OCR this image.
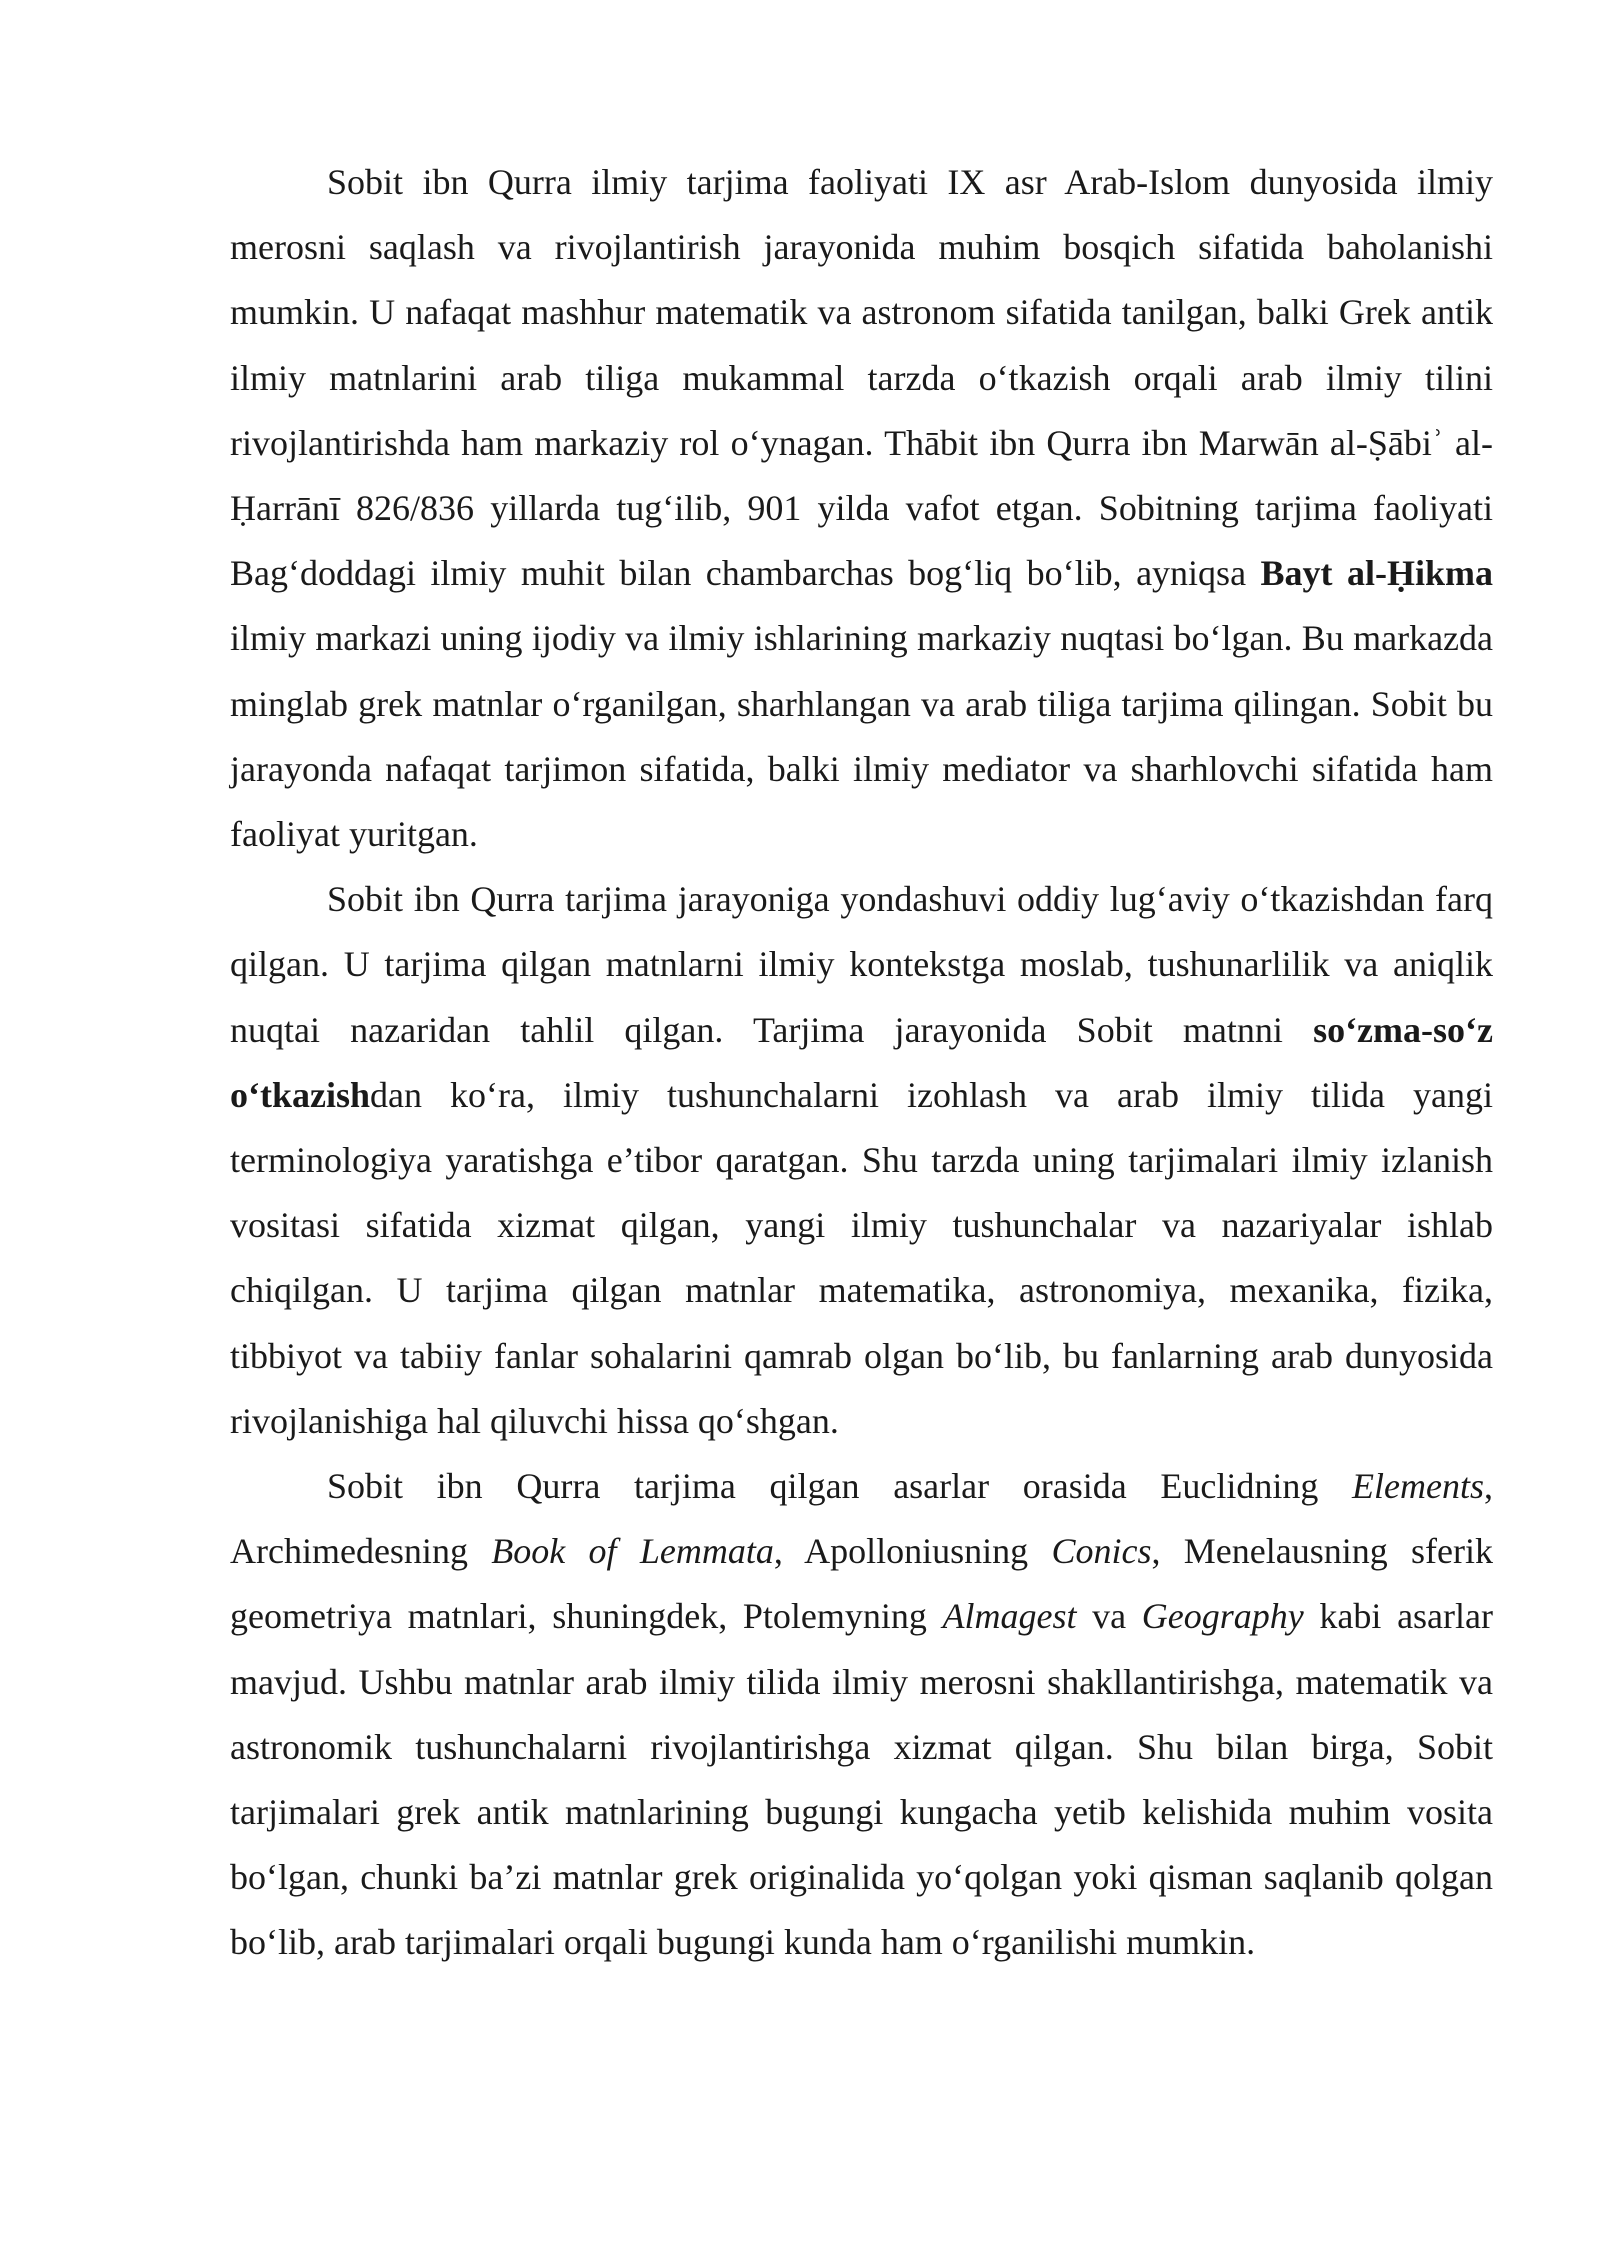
Sobit ibn Qurra ilmiy tarjima faoliyati IX asr Arab-Islom dunyosida ilmiy merosni saqlash va rivojlantirish jarayonida muhim bosqich sifatida baholanishi mumkin. U nafaqat mashhur matematik va astronom sifatida tanilgan, balki Grek antik ilmiy matnlarini arab tiliga mukammal tarzda o‘tkazish orqali arab ilmiy tilini rivojlantirishda ham markaziy rol o‘ynagan. Thābit ibn Qurra ibn Marwān al-Ṣābiʾ al-Ḥarrānī 826/836 yillarda tug‘ilib, 901 yilda vafot etgan. Sobitning tarjima faoliyati Bag‘doddagi ilmiy muhit bilan chambarchas bog‘liq bo‘lib, ayniqsa Bayt al-Ḥikma ilmiy markazi uning ijodiy va ilmiy ishlarining markaziy nuqtasi bo‘lgan. Bu markazda minglab grek matnlar o‘rganilgan, sharhlangan va arab tiliga tarjima qilingan. Sobit bu jarayonda nafaqat tarjimon sifatida, balki ilmiy mediator va sharhlovchi sifatida ham faoliyat yuritgan.

Sobit ibn Qurra tarjima jarayoniga yondashuvi oddiy lug‘aviy o‘tkazishdan farq qilgan. U tarjima qilgan matnlarni ilmiy kontekstga moslab, tushunarlilik va aniqlik nuqtai nazaridan tahlil qilgan. Tarjima jarayonida Sobit matnni so‘zma-so‘z o‘tkazishdan ko‘ra, ilmiy tushunchalarni izohlash va arab ilmiy tilida yangi terminologiya yaratishga e’tibor qaratgan. Shu tarzda uning tarjimalari ilmiy izlanish vositasi sifatida xizmat qilgan, yangi ilmiy tushunchalar va nazariyalar ishlab chiqilgan. U tarjima qilgan matnlar matematika, astronomiya, mexanika, fizika, tibbiyot va tabiiy fanlar sohalarini qamrab olgan bo‘lib, bu fanlarning arab dunyosida rivojlanishiga hal qiluvchi hissa qo‘shgan.

Sobit ibn Qurra tarjima qilgan asarlar orasida Euclidning Elements, Archimedesning Book of Lemmata, Apolloniusning Conics, Menelausning sferik geometriya matnlari, shuningdek, Ptolemyning Almagest va Geography kabi asarlar mavjud. Ushbu matnlar arab ilmiy tilida ilmiy merosni shakllantirishga, matematik va astronomik tushunchalarni rivojlantirishga xizmat qilgan. Shu bilan birga, Sobit tarjimalari grek antik matnlarining bugungi kungacha yetib kelishida muhim vosita bo‘lgan, chunki ba’zi matnlar grek originalida yo‘qolgan yoki qisman saqlanib qolgan bo‘lib, arab tarjimalari orqali bugungi kunda ham o‘rganilishi mumkin.
